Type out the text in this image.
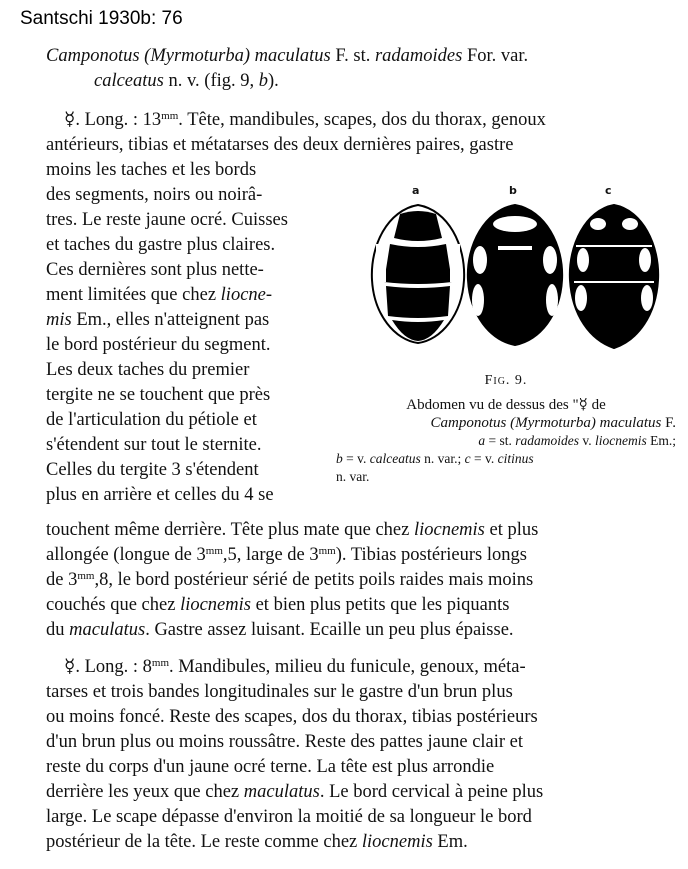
Santschi 1930b: 76
Camponotus (Myrmoturba) maculatus F. st. radamoides For. var.
calceatus n. v. (fig. 9, b).
☿. Long. : $13^{mm}$. Tête, mandibules, scapes, dos du thorax, genoux
antérieurs, tibias et métatarses des deux dernières paires, gastre
moins les taches et les bords
des segments, noirs ou noirâ-
tres. Le reste jaune ocré. Cuisses
et taches du gastre plus claires.
Ces dernières sont plus nette-
ment limitées que chez liocne-
mis Em., elles n'atteignent pas
le bord postérieur du segment.
Les deux taches du premier
tergite ne se touchent que près
de l'articulation du pétiole et
s'étendent sur tout le sternite.
Celles du tergite 3 s'étendent
plus en arrière et celles du 4 se
touchent même derrière. Tête plus mate que chez liocnemis et plus
allongée (longue de $3^{mm},5$, large de $3^{mm}$). Tibias postérieurs longs
de $3^{mm},8$, le bord postérieur sérié de petits poils raides mais moins
couchés que chez liocnemis et bien plus petits que les piquants
du maculatus. Gastre assez luisant. Ecaille un peu plus épaisse.
☿. Long. : $8^{mm}$. Mandibules, milieu du funicule, genoux, méta-
tarses et trois bandes longitudinales sur le gastre d'un brun plus
ou moins foncé. Reste des scapes, dos du thorax, tibias postérieurs
d'un brun plus ou moins roussâtre. Reste des pattes jaune clair et
reste du corps d'un jaune ocré terne. La tête est plus arrondie
derrière les yeux que chez maculatus. Le bord cervical à peine plus
large. Le scape dépasse d'environ la moitié de sa longueur le bord
postérieur de la tête. Le reste comme chez liocnemis Em.
a	b	c
Fig. 9.
Abdomen vu de dessus des "☿ de
Camponotus (Myrmoturba) maculatus F.
a = st. radamoides v. liocnemis Em.;
b = v. calceatus n. var.; c = v. citinus
n. var.
